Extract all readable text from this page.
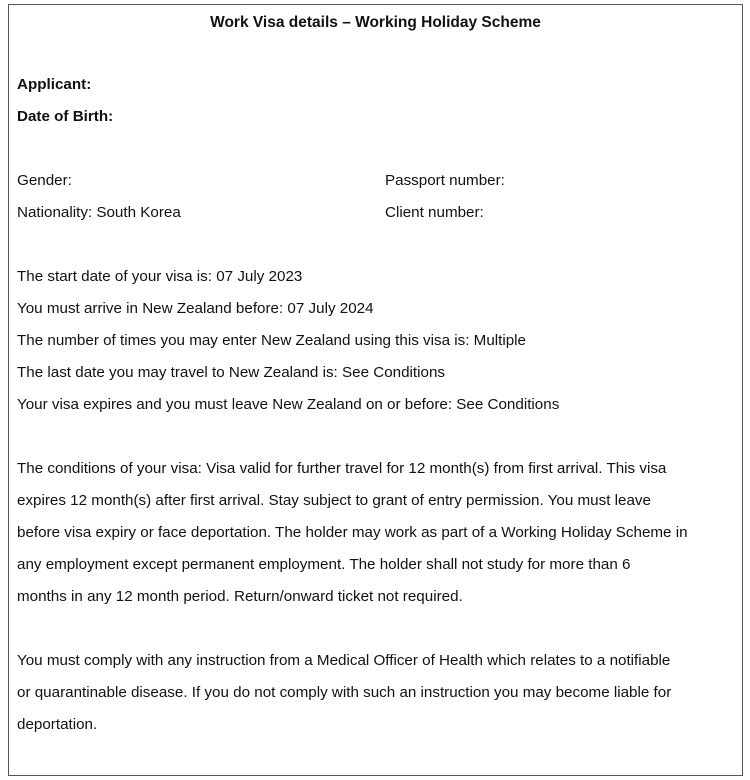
Work Visa details – Working Holiday Scheme
Applicant:
Date of Birth:
Gender:	Passport number:
Nationality: South Korea	Client number:
The start date of your visa is: 07 July 2023
You must arrive in New Zealand before: 07 July 2024
The number of times you may enter New Zealand using this visa is: Multiple
The last date you may travel to New Zealand is: See Conditions
Your visa expires and you must leave New Zealand on or before: See Conditions
The conditions of your visa: Visa valid for further travel for 12 month(s) from first arrival. This visa
expires 12 month(s) after first arrival. Stay subject to grant of entry permission. You must leave
before visa expiry or face deportation. The holder may work as part of a Working Holiday Scheme in
any employment except permanent employment. The holder shall not study for more than 6
months in any 12 month period. Return/onward ticket not required.
You must comply with any instruction from a Medical Officer of Health which relates to a notifiable
or quarantinable disease. If you do not comply with such an instruction you may become liable for
deportation.
